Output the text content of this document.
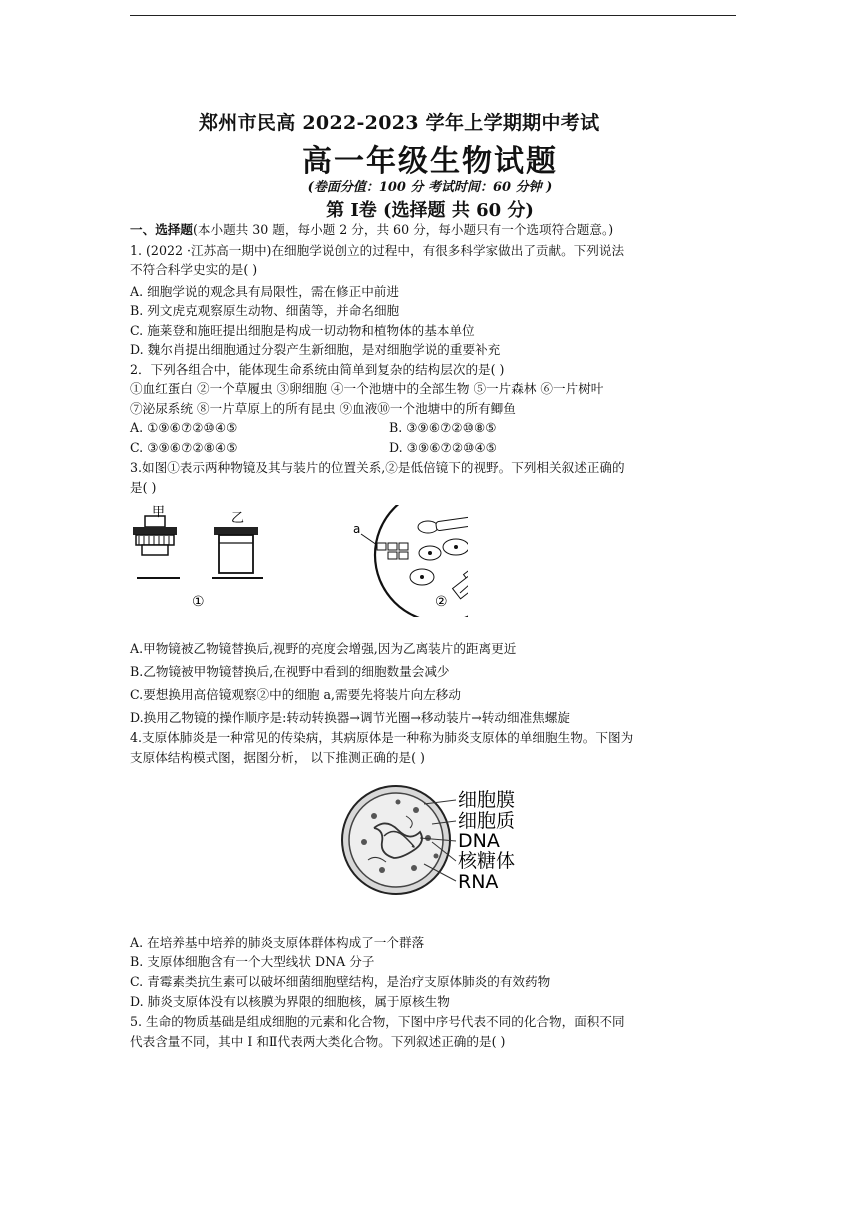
郑州市民高 2022-2023 学年上学期期中考试
高一年级生物试题
(卷面分值：100 分 考试时间：60 分钟 )
第 I卷 (选择题 共 60 分)
一、选择题(本小题共 30 题，每小题 2 分，共 60 分，每小题只有一个选项符合题意。)
1. (2022 ·江苏高一期中)在细胞学说创立的过程中，有很多科学家做出了贡献。下列说法
不符合科学史实的是( )
A. 细胞学说的观念具有局限性，需在修正中前进
B. 列文虎克观察原生动物、细菌等，并命名细胞
C. 施莱登和施旺提出细胞是构成一切动物和植物体的基本单位
D. 魏尔肖提出细胞通过分裂产生新细胞，是对细胞学说的重要补充
2．下列各组合中，能体现生命系统由简单到复杂的结构层次的是( )
①血红蛋白 ②一个草履虫 ③卵细胞 ④一个池塘中的全部生物 ⑤一片森林 ⑥一片树叶
⑦泌尿系统 ⑧一片草原上的所有昆虫 ⑨血液⑩一个池塘中的所有鲫鱼
A. ①⑨⑥⑦②⑩④⑤	B. ③⑨⑥⑦②⑩⑧⑤
C. ③⑨⑥⑦②⑧④⑤	D. ③⑨⑥⑦②⑩④⑤
3.如图①表示两种物镜及其与装片的位置关系,②是低倍镜下的视野。下列相关叙述正确的
是( )
甲	乙
①
a
②
A.甲物镜被乙物镜替换后,视野的亮度会增强,因为乙离装片的距离更近
B.乙物镜被甲物镜替换后,在视野中看到的细胞数量会减少
C.要想换用高倍镜观察②中的细胞 a,需要先将装片向左移动
D.换用乙物镜的操作顺序是:转动转换器→调节光圈→移动装片→转动细准焦螺旋
4.支原体肺炎是一种常见的传染病，其病原体是一种称为肺炎支原体的单细胞生物。下图为
支原体结构模式图，据图分析， 以下推测正确的是( )
细胞膜
细胞质
DNA
核糖体
RNA
A. 在培养基中培养的肺炎支原体群体构成了一个群落
B. 支原体细胞含有一个大型线状 DNA 分子
C. 青霉素类抗生素可以破坏细菌细胞壁结构，是治疗支原体肺炎的有效药物
D. 肺炎支原体没有以核膜为界限的细胞核，属于原核生物
5. 生命的物质基础是组成细胞的元素和化合物，下图中序号代表不同的化合物，面积不同
代表含量不同，其中 I 和Ⅱ代表两大类化合物。下列叙述正确的是( )
